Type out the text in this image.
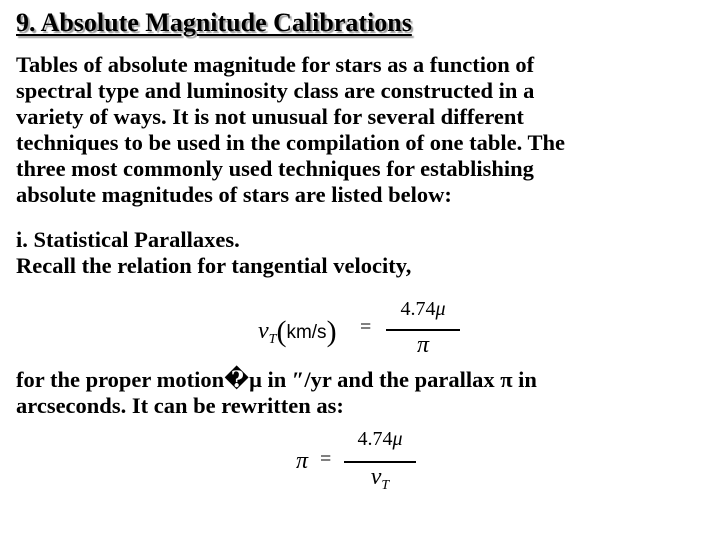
9. Absolute Magnitude Calibrations

Tables of absolute magnitude for stars as a function of
spectral type and luminosity class are constructed in a
variety of ways. It is not unusual for several different
techniques to be used in the compilation of one table. The
three most commonly used techniques for establishing
absolute magnitudes of stars are listed below:

i. Statistical Parallaxes.
Recall the relation for tangential velocity,

$v_T(km/s)$ =
4.74μ
π

for the proper motion�μ in ″/yr and the parallax π in
arcseconds. It can be rewritten as:

π =
4.74μ
$v_T$
